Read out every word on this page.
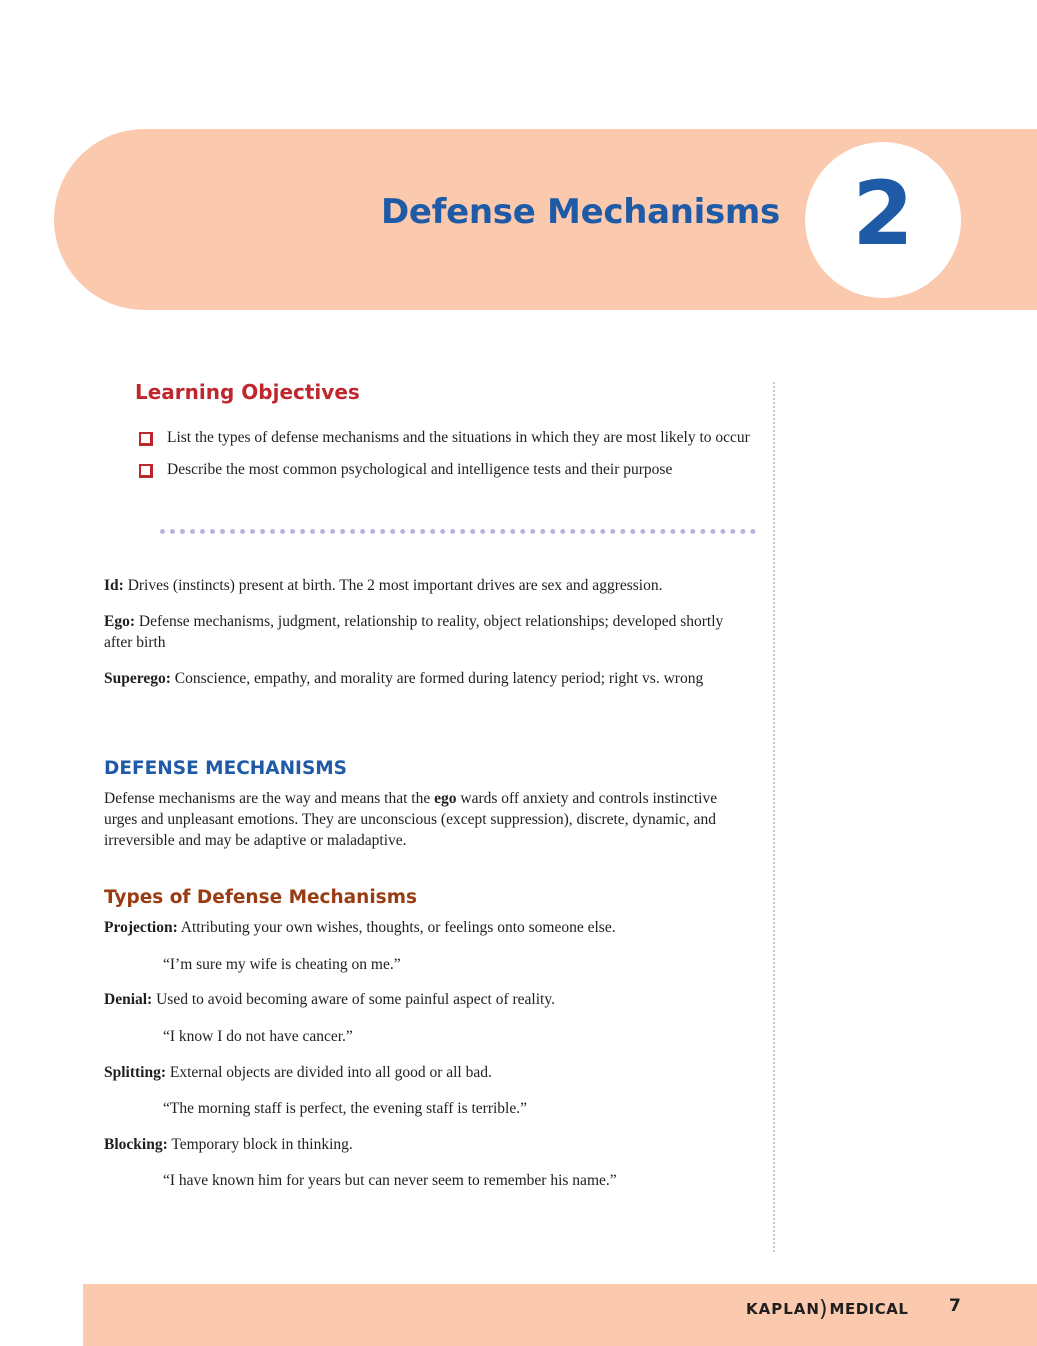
Defense Mechanisms 2
Learning Objectives
List the types of defense mechanisms and the situations in which they are most likely to occur
Describe the most common psychological and intelligence tests and their purpose

Id: Drives (instincts) present at birth. The 2 most important drives are sex and aggression.

Ego: Defense mechanisms, judgment, relationship to reality, object relationships; developed shortly after birth

Superego: Conscience, empathy, and morality are formed during latency period; right vs. wrong

DEFENSE MECHANISMS

Defense mechanisms are the way and means that the ego wards off anxiety and controls instinctive urges and unpleasant emotions. They are unconscious (except suppression), discrete, dynamic, and irreversible and may be adaptive or maladaptive.

Types of Defense Mechanisms

Projection: Attributing your own wishes, thoughts, or feelings onto someone else.

“I’m sure my wife is cheating on me.”

Denial: Used to avoid becoming aware of some painful aspect of reality.

“I know I do not have cancer.”

Splitting: External objects are divided into all good or all bad.

“The morning staff is perfect, the evening staff is terrible.”

Blocking: Temporary block in thinking.

“I have known him for years but can never seem to remember his name.”

KAPLAN ) MEDICAL 7
